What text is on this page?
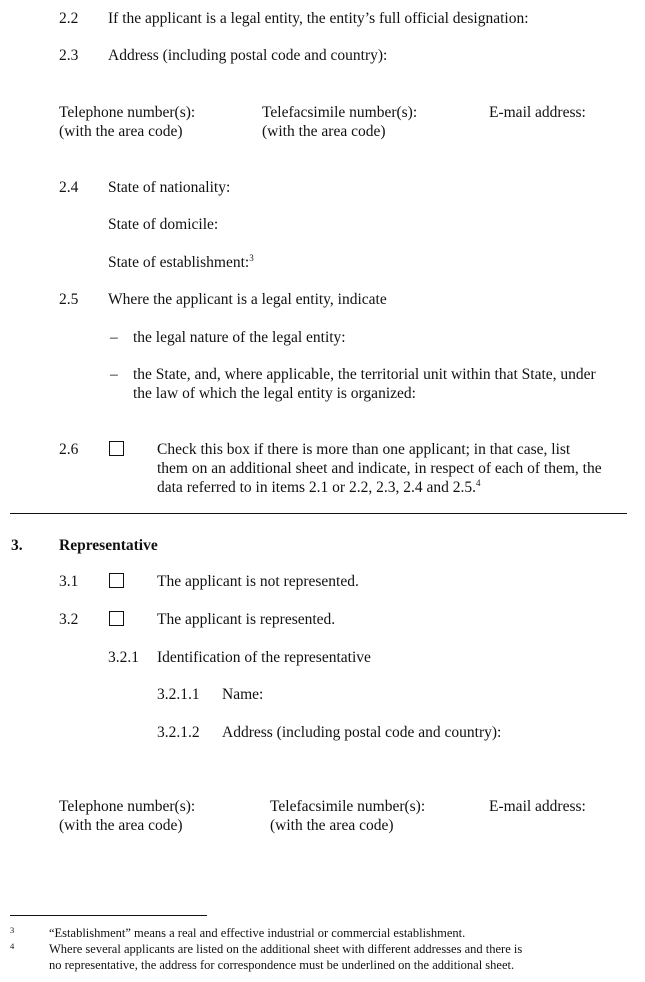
2.2 If the applicant is a legal entity, the entity’s full official designation:
2.3 Address (including postal code and country):
Telephone number(s):
(with the area code)
Telefacsimile number(s):
(with the area code)
E-mail address:
2.4 State of nationality:
State of domicile:
State of establishment:$^3$
2.5 Where the applicant is a legal entity, indicate
– the legal nature of the legal entity:
– the State, and, where applicable, the territorial unit within that State, under
the law of which the legal entity is organized:
2.6	Check this box if there is more than one applicant; in that case, list
them on an additional sheet and indicate, in respect of each of them, the
data referred to in items 2.1 or 2.2, 2.3, 2.4 and 2.5.$^4$
3. Representative
3.1	The applicant is not represented.
3.2	The applicant is represented.
3.2.1 Identification of the representative
3.2.1.1 Name:
3.2.1.2 Address (including postal code and country):
Telephone number(s):
(with the area code)
Telefacsimile number(s):
(with the area code)
E-mail address:
3	“Establishment” means a real and effective industrial or commercial establishment.
4	Where several applicants are listed on the additional sheet with different addresses and there is
no representative, the address for correspondence must be underlined on the additional sheet.
